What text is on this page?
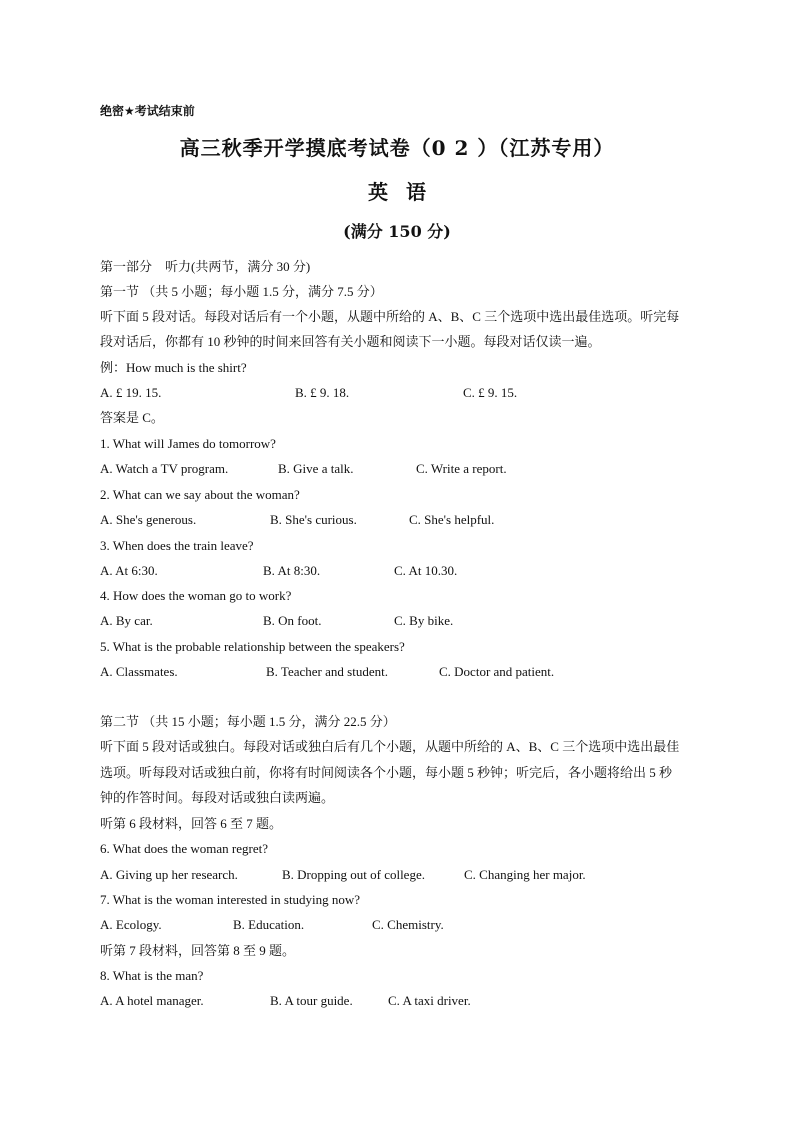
绝密★考试结束前
高三秋季开学摸底考试卷（0 2 ）（江苏专用）
英语
(满分 150 分)
第一部分　听力(共两节，满分 30 分)
第一节 （共 5 小题；每小题 1.5 分，满分 7.5 分）
听下面 5 段对话。每段对话后有一个小题，从题中所给的 A、B、C 三个选项中选出最佳选项。听完每
段对话后，你都有 10 秒钟的时间来回答有关小题和阅读下一小题。每段对话仅读一遍。
例：How much is the shirt?
A. £ 19. 15.	B. £ 9. 18.	C. £ 9. 15.
答案是 C。
1. What will James do tomorrow?
A. Watch a TV program.	B. Give a talk.	C. Write a report.
2. What can we say about the woman?
A. She's generous.	B. She's curious.	C. She's helpful.
3. When does the train leave?
A. At 6:30.	B. At 8:30.	C. At 10.30.
4. How does the woman go to work?
A. By car.	B. On foot.	C. By bike.
5. What is the probable relationship between the speakers?
A. Classmates.	B. Teacher and student.	C. Doctor and patient.
第二节 （共 15 小题；每小题 1.5 分，满分 22.5 分）
听下面 5 段对话或独白。每段对话或独白后有几个小题，从题中所给的 A、B、C 三个选项中选出最佳
选项。听每段对话或独白前，你将有时间阅读各个小题，每小题 5 秒钟；听完后，各小题将给出 5 秒
钟的作答时间。每段对话或独白读两遍。
听第 6 段材料，回答 6 至 7 题。
6. What does the woman regret?
A. Giving up her research.	B. Dropping out of college.	C. Changing her major.
7. What is the woman interested in studying now?
A. Ecology.	B. Education.	C. Chemistry.
听第 7 段材料，回答第 8 至 9 题。
8. What is the man?
A. A hotel manager.	B. A tour guide.	C. A taxi driver.
